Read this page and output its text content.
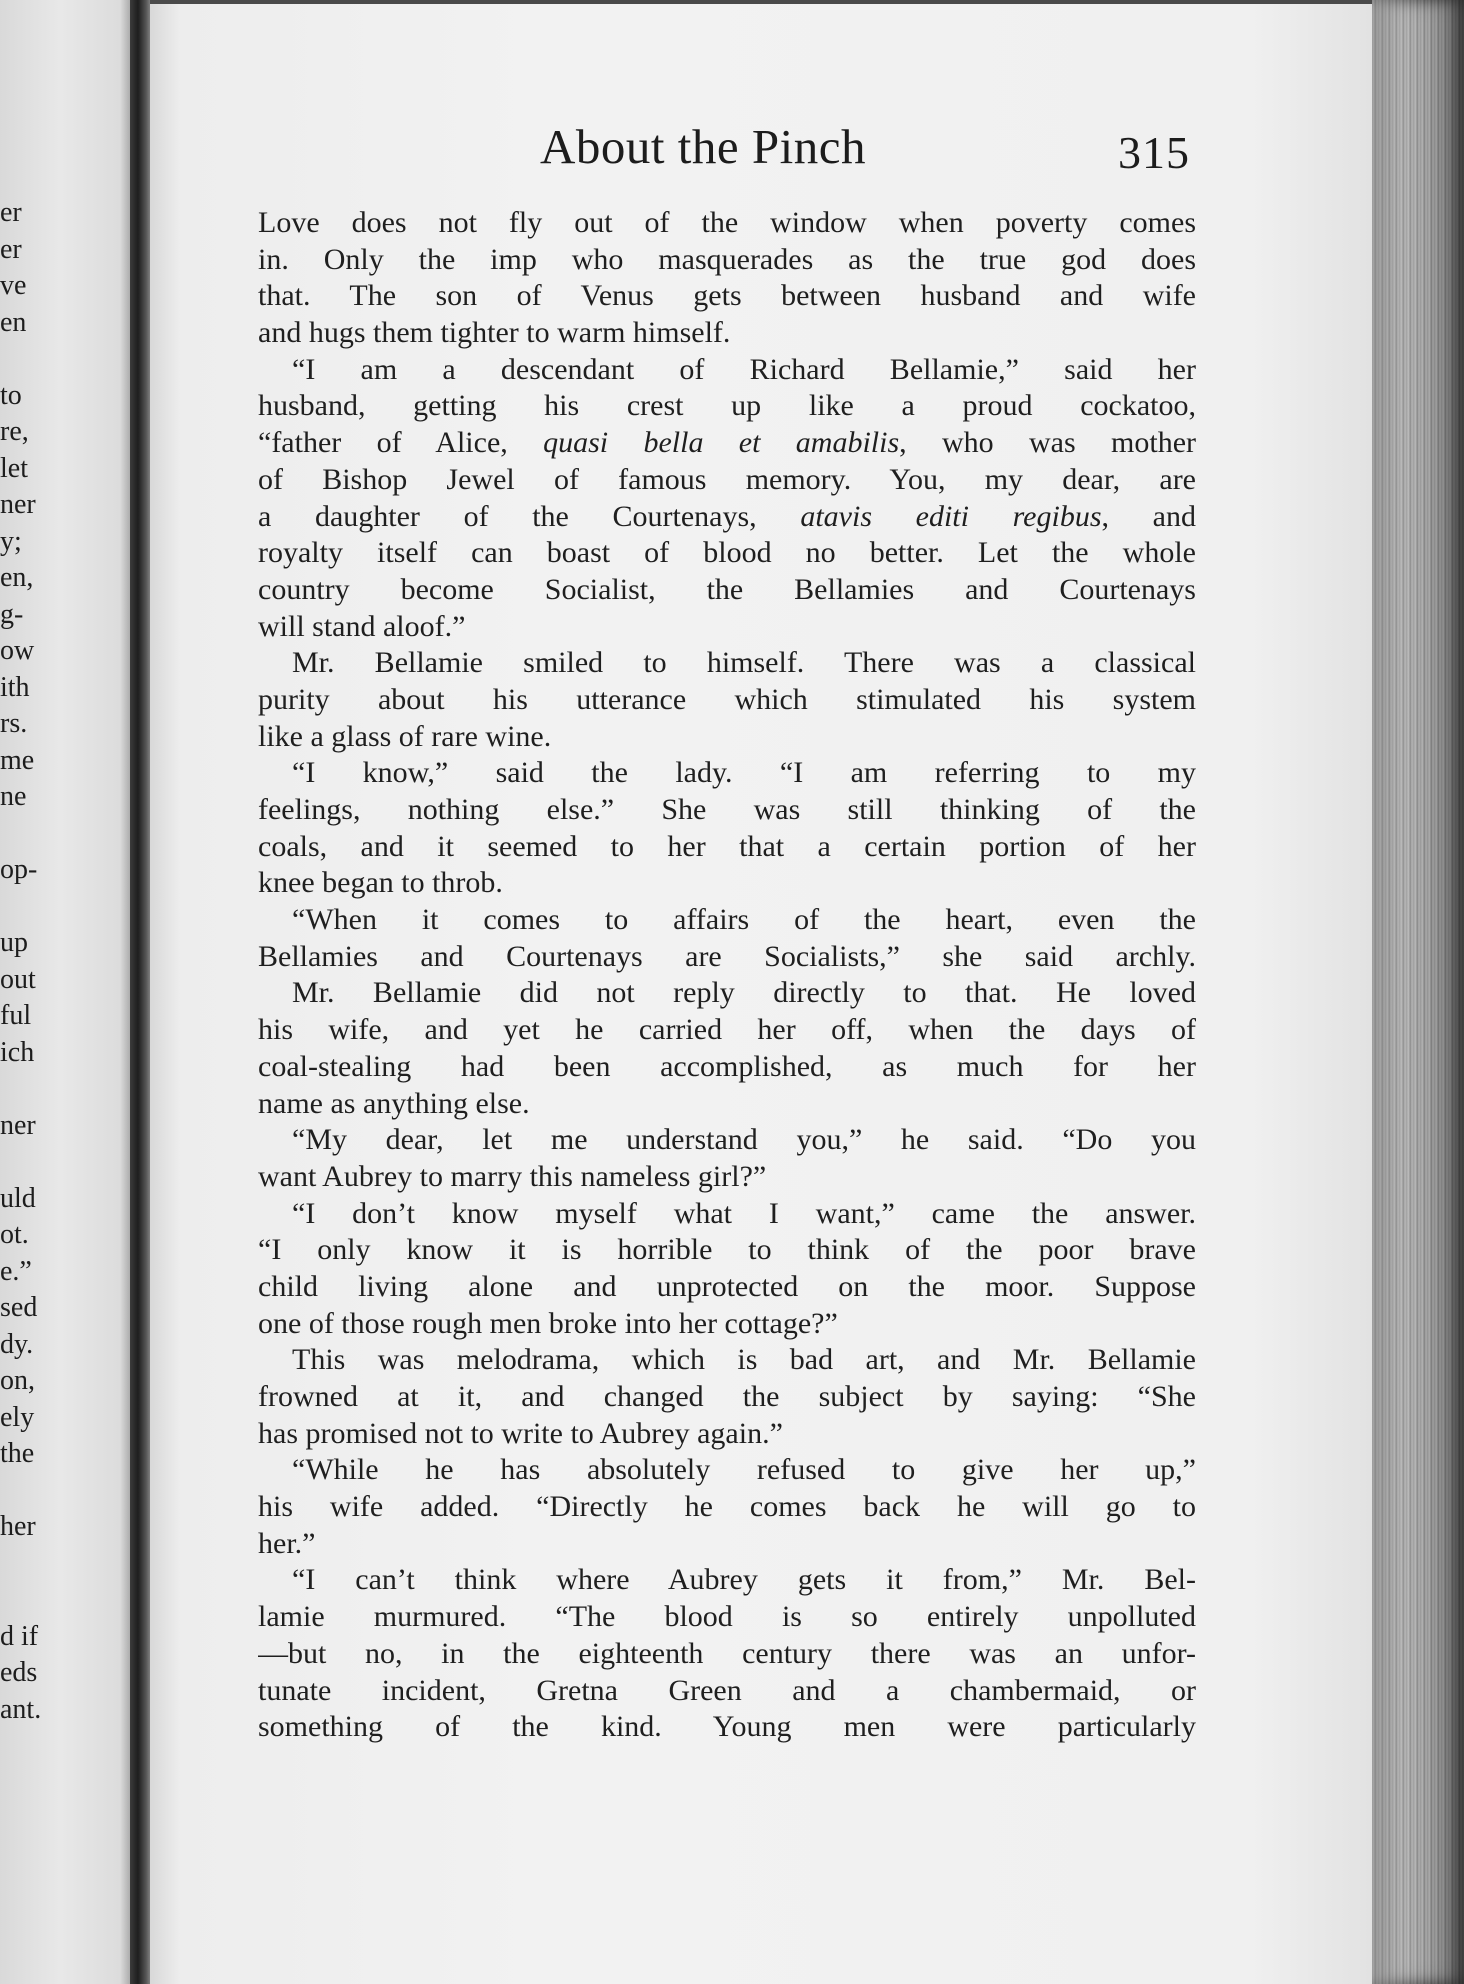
er
er
ve
en
to
re,
let
ner
y;
en,
g-
ow
ith
rs.
me
ne
op-
up
out
ful
ich
ner
uld
ot.
e.”
sed
dy.
on,
ely
the
her
d if
eds
ant.
About the Pinch	315
Love does not fly out of the window when poverty comes
in. Only the imp who masquerades as the true god does
that. The son of Venus gets between husband and wife
and hugs them tighter to warm himself.
“I am a descendant of Richard Bellamie,” said her
husband, getting his crest up like a proud cockatoo,
“father of Alice, quasi bella et amabilis, who was mother
of Bishop Jewel of famous memory. You, my dear, are
a daughter of the Courtenays, atavis editi regibus, and
royalty itself can boast of blood no better. Let the whole
country become Socialist, the Bellamies and Courtenays
will stand aloof.”
Mr. Bellamie smiled to himself. There was a classical
purity about his utterance which stimulated his system
like a glass of rare wine.
“I know,” said the lady. “I am referring to my
feelings, nothing else.” She was still thinking of the
coals, and it seemed to her that a certain portion of her
knee began to throb.
“When it comes to affairs of the heart, even the
Bellamies and Courtenays are Socialists,” she said archly.
Mr. Bellamie did not reply directly to that. He loved
his wife, and yet he carried her off, when the days of
coal-stealing had been accomplished, as much for her
name as anything else.
“My dear, let me understand you,” he said. “Do you
want Aubrey to marry this nameless girl?”
“I don’t know myself what I want,” came the answer.
“I only know it is horrible to think of the poor brave
child living alone and unprotected on the moor. Suppose
one of those rough men broke into her cottage?”
This was melodrama, which is bad art, and Mr. Bellamie
frowned at it, and changed the subject by saying: “She
has promised not to write to Aubrey again.”
“While he has absolutely refused to give her up,”
his wife added. “Directly he comes back he will go to
her.”
“I can’t think where Aubrey gets it from,” Mr. Bel-
lamie murmured. “The blood is so entirely unpolluted
—but no, in the eighteenth century there was an unfor-
tunate incident, Gretna Green and a chambermaid, or
something of the kind. Young men were particularly
